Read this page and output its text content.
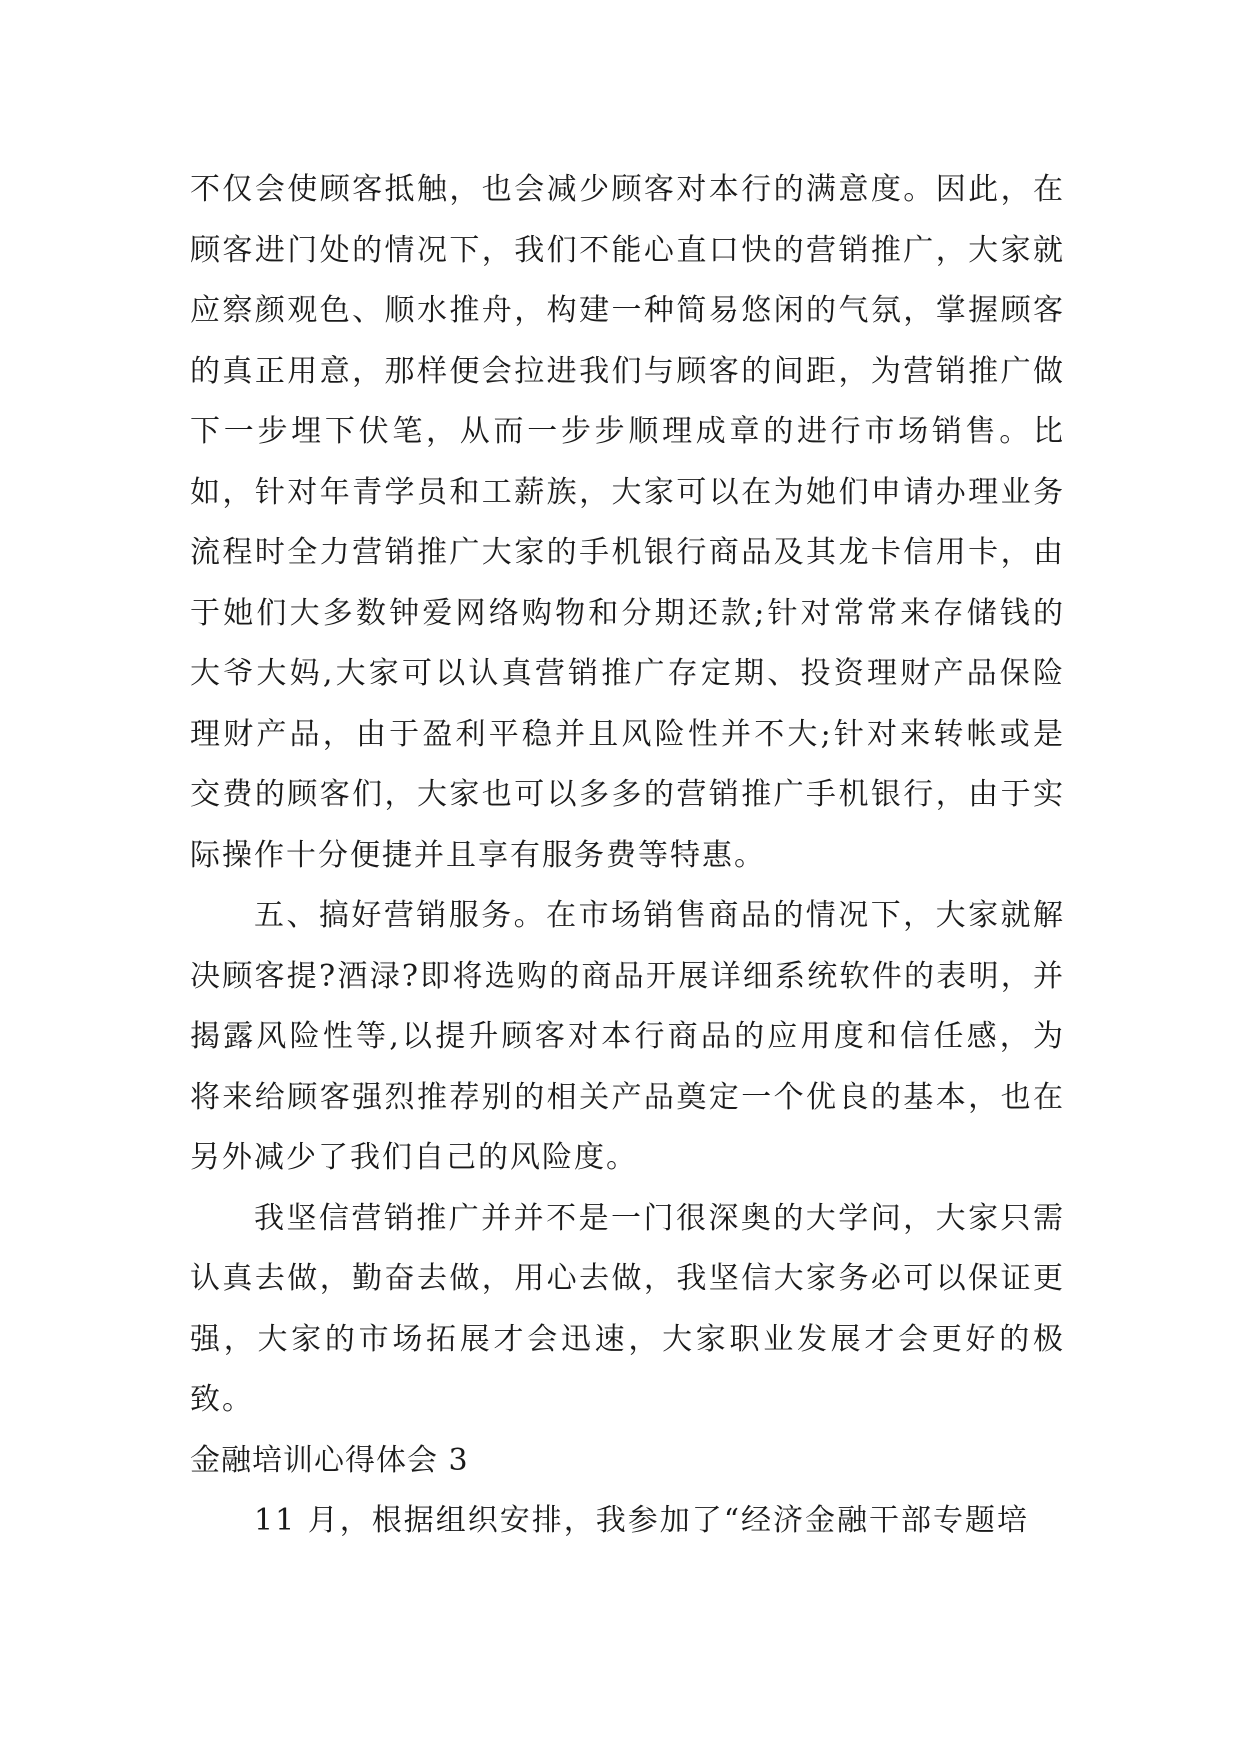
不仅会使顾客抵触，也会减少顾客对本行的满意度。因此，在顾客进门处的情况下，我们不能心直口快的营销推广，大家就应察颜观色、顺水推舟，构建一种简易悠闲的气氛，掌握顾客的真正用意，那样便会拉进我们与顾客的间距，为营销推广做下一步埋下伏笔，从而一步步顺理成章的进行市场销售。比如，针对年青学员和工薪族，大家可以在为她们申请办理业务流程时全力营销推广大家的手机银行商品及其龙卡信用卡，由于她们大多数钟爱网络购物和分期还款;针对常常来存储钱的大爷大妈,大家可以认真营销推广存定期、投资理财产品保险理财产品，由于盈利平稳并且风险性并不大;针对来转帐或是交费的顾客们，大家也可以多多的营销推广手机银行，由于实际操作十分便捷并且享有服务费等特惠。

五、搞好营销服务。在市场销售商品的情况下，大家就解决顾客提?酒渌?即将选购的商品开展详细系统软件的表明，并揭露风险性等,以提升顾客对本行商品的应用度和信任感，为将来给顾客强烈推荐别的相关产品奠定一个优良的基本，也在另外减少了我们自己的风险度。

我坚信营销推广并并不是一门很深奥的大学问，大家只需认真去做，勤奋去做，用心去做，我坚信大家务必可以保证更强，大家的市场拓展才会迅速，大家职业发展才会更好的极致。

金融培训心得体会 3

11 月，根据组织安排，我参加了“经济金融干部专题培
